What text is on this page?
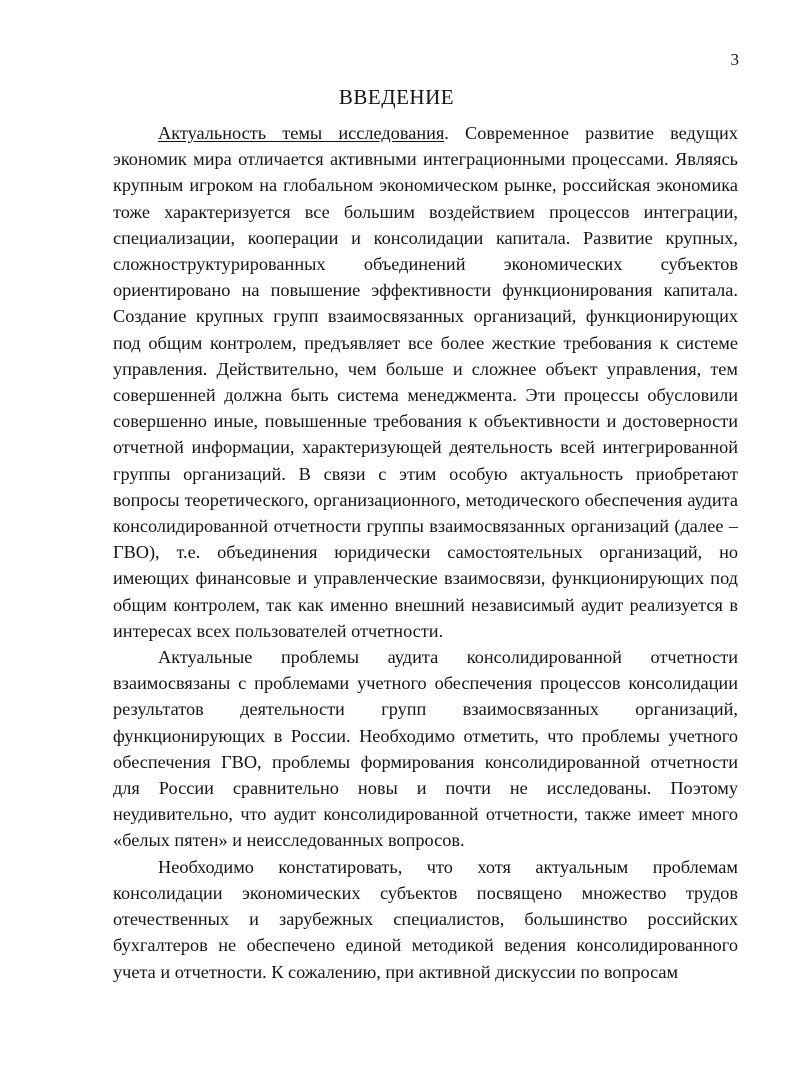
3
ВВЕДЕНИЕ

Актуальность темы исследования. Современное развитие ведущих экономик мира отличается активными интеграционными процессами. Являясь крупным игроком на глобальном экономическом рынке, российская экономика тоже характеризуется все большим воздействием процессов интеграции, специализации, кооперации и консолидации капитала. Развитие крупных, сложноструктурированных объединений экономических субъектов ориентировано на повышение эффективности функционирования капитала. Создание крупных групп взаимосвязанных организаций, функционирующих под общим контролем, предъявляет все более жесткие требования к системе управления. Действительно, чем больше и сложнее объект управления, тем совершенней должна быть система менеджмента. Эти процессы обусловили совершенно иные, повышенные требования к объективности и достоверности отчетной информации, характеризующей деятельность всей интегрированной группы организаций. В связи с этим особую актуальность приобретают вопросы теоретического, организационного, методического обеспечения аудита консолидированной отчетности группы взаимосвязанных организаций (далее – ГВО), т.е. объединения юридически самостоятельных организаций, но имеющих финансовые и управленческие взаимосвязи, функционирующих под общим контролем, так как именно внешний независимый аудит реализуется в интересах всех пользователей отчетности.

Актуальные проблемы аудита консолидированной отчетности взаимосвязаны с проблемами учетного обеспечения процессов консолидации результатов деятельности групп взаимосвязанных организаций, функционирующих в России. Необходимо отметить, что проблемы учетного обеспечения ГВО, проблемы формирования консолидированной отчетности для России сравнительно новы и почти не исследованы. Поэтому неудивительно, что аудит консолидированной отчетности, также имеет много «белых пятен» и неисследованных вопросов.

Необходимо констатировать, что хотя актуальным проблемам консолидации экономических субъектов посвящено множество трудов отечественных и зарубежных специалистов, большинство российских бухгалтеров не обеспечено единой методикой ведения консолидированного учета и отчетности. К сожалению, при активной дискуссии по вопросам
